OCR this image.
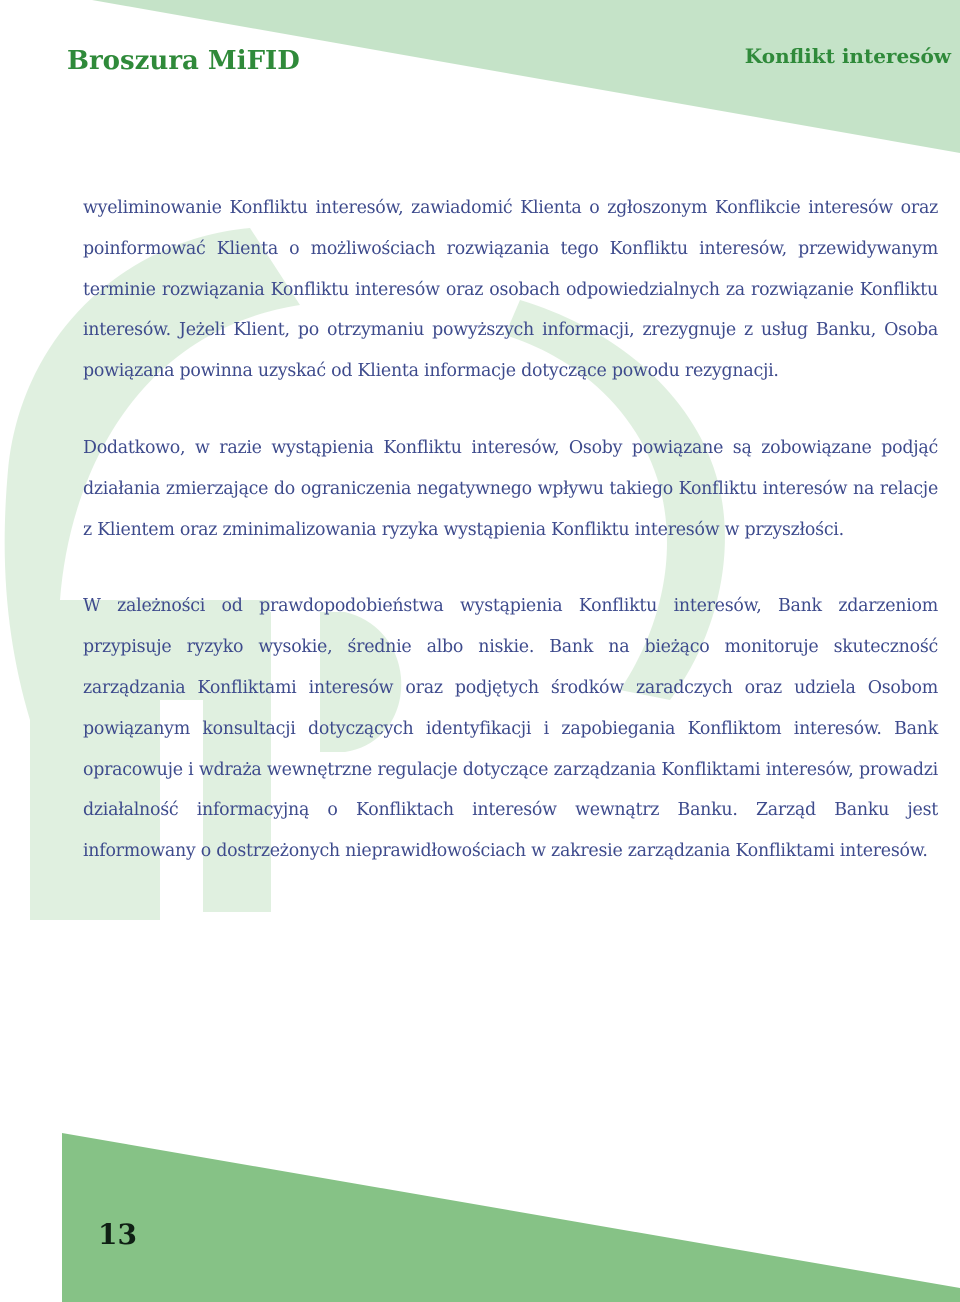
Broszura MiFID	Konflikt interesów

wyeliminowanie Konfliktu interesów, zawiadomić Klienta o zgłoszonym Konflikcie interesów oraz poinformować Klienta o możliwościach rozwiązania tego Konfliktu interesów, przewidywanym terminie rozwiązania Konfliktu interesów oraz osobach odpowiedzialnych za rozwiązanie Konfliktu interesów. Jeżeli Klient, po otrzymaniu powyższych informacji, zrezygnuje z usług Banku, Osoba powiązana powinna uzyskać od Klienta informacje dotyczące powodu rezygnacji.

Dodatkowo, w razie wystąpienia Konfliktu interesów, Osoby powiązane są zobowiązane podjąć działania zmierzające do ograniczenia negatywnego wpływu takiego Konfliktu interesów na relacje z Klientem oraz zminimalizowania ryzyka wystąpienia Konfliktu interesów w przyszłości.

W zależności od prawdopodobieństwa wystąpienia Konfliktu interesów, Bank zdarzeniom przypisuje ryzyko wysokie, średnie albo niskie. Bank na bieżąco monitoruje skuteczność zarządzania Konfliktami interesów oraz podjętych środków zaradczych oraz udziela Osobom powiązanym konsultacji dotyczących identyfikacji i zapobiegania Konfliktom interesów. Bank opracowuje i wdraża wewnętrzne regulacje dotyczące zarządzania Konfliktami interesów, prowadzi działalność informacyjną o Konfliktach interesów wewnątrz Banku. Zarząd Banku jest informowany o dostrzeżonych nieprawidłowościach w zakresie zarządzania Konfliktami interesów.

13
